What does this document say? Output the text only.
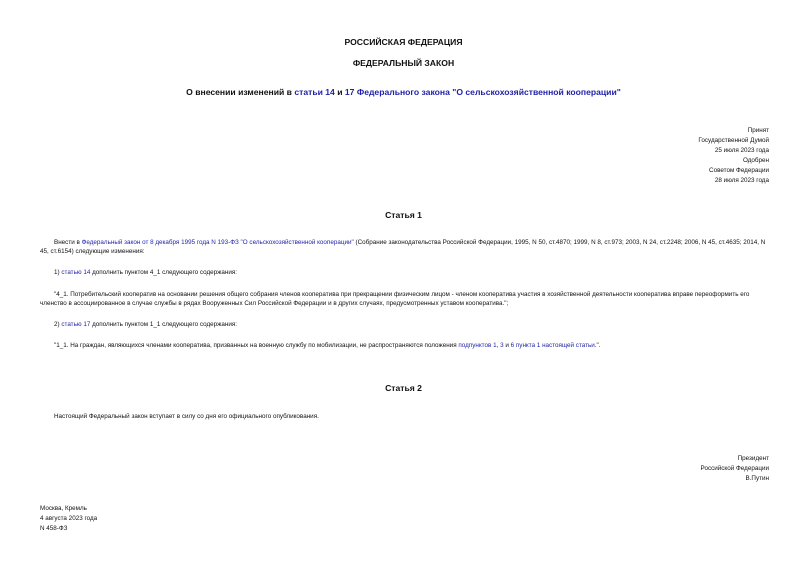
РОССИЙСКАЯ ФЕДЕРАЦИЯ
ФЕДЕРАЛЬНЫЙ ЗАКОН
О внесении изменений в статьи 14 и 17 Федерального закона "О сельскохозяйственной кооперации"
Принят
Государственной Думой
25 июля 2023 года
Одобрен
Советом Федерации
28 июля 2023 года
Статья 1
Внести в Федеральный закон от 8 декабря 1995 года N 193-ФЗ "О сельскохозяйственной кооперации" (Собрание законодательства Российской Федерации, 1995, N 50, ст.4870; 1999, N 8, ст.973; 2003, N 24, ст.2248; 2006, N 45, ст.4635; 2014, N 45, ст.6154) следующие изменения:
1) статью 14 дополнить пунктом 4_1 следующего содержания:
"4_1. Потребительский кооператив на основании решения общего собрания членов кооператива при прекращении физическим лицом - членом кооператива участия в хозяйственной деятельности кооператива вправе переоформить его членство в ассоциированное в случае службы в рядах Вооруженных Сил Российской Федерации и в других случаях, предусмотренных уставом кооператива.";
2) статью 17 дополнить пунктом 1_1 следующего содержания:
"1_1. На граждан, являющихся членами кооператива, призванных на военную службу по мобилизации, не распространяются положения подпунктов 1, 3 и 6 пункта 1 настоящей статьи.".
Статья 2
Настоящий Федеральный закон вступает в силу со дня его официального опубликования.
Президент
Российской Федерации
В.Путин
Москва, Кремль
4 августа 2023 года
N 458-ФЗ
